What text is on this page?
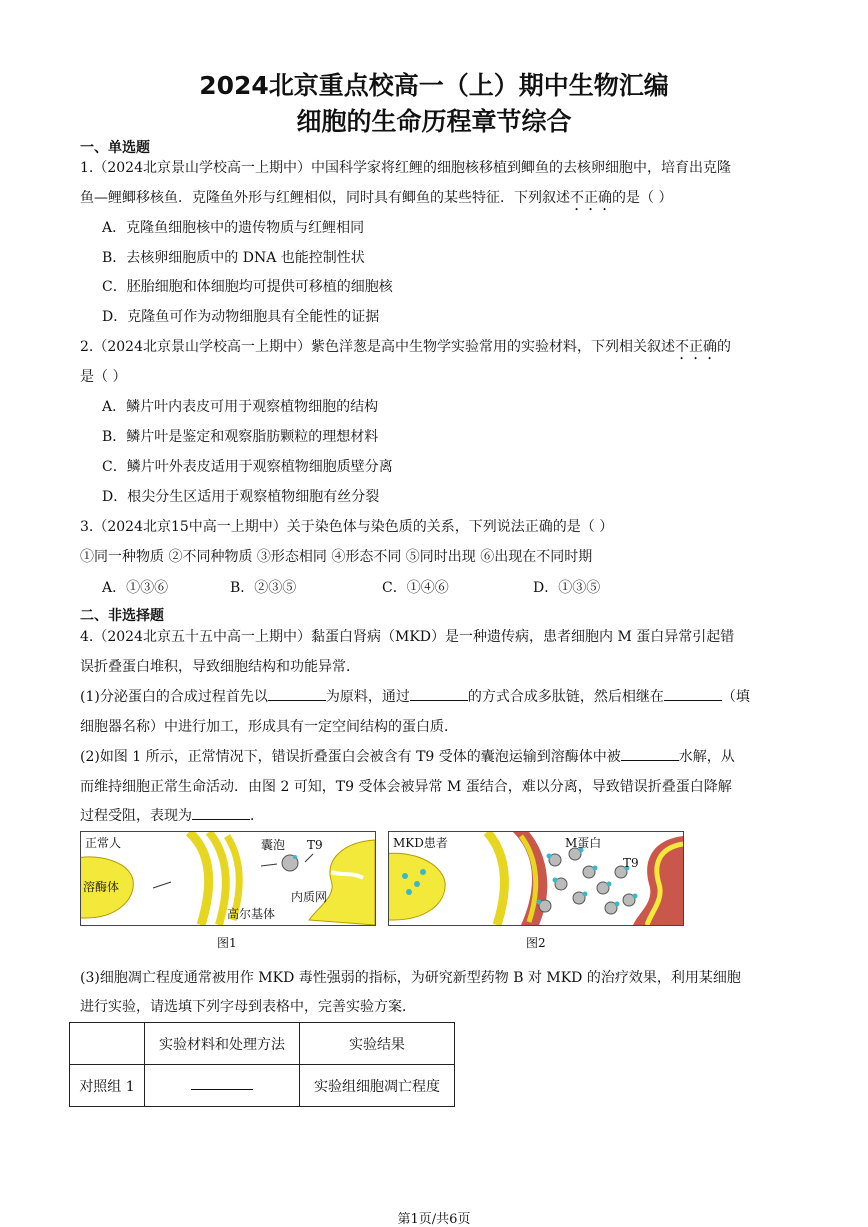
2024北京重点校高一（上）期中生物汇编
细胞的生命历程章节综合
一、单选题
1.（2024北京景山学校高一上期中）中国科学家将红鲤的细胞核移植到鲫鱼的去核卵细胞中，培育出克隆
鱼—鲤鲫移核鱼．克隆鱼外形与红鲤相似，同时具有鲫鱼的某些特征．下列叙述不正确的是（ ）
A．克隆鱼细胞核中的遗传物质与红鲤相同
B．去核卵细胞质中的 DNA 也能控制性状
C．胚胎细胞和体细胞均可提供可移植的细胞核
D．克隆鱼可作为动物细胞具有全能性的证据
2.（2024北京景山学校高一上期中）紫色洋葱是高中生物学实验常用的实验材料，下列相关叙述不正确的
是（ ）
A．鳞片叶内表皮可用于观察植物细胞的结构
B．鳞片叶是鉴定和观察脂肪颗粒的理想材料
C．鳞片叶外表皮适用于观察植物细胞质壁分离
D．根尖分生区适用于观察植物细胞有丝分裂
3.（2024北京15中高一上期中）关于染色体与染色质的关系，下列说法正确的是（ ）
①同一种物质 ②不同种物质 ③形态相同 ④形态不同 ⑤同时出现 ⑥出现在不同时期
A．①③⑥	B．②③⑤	C．①④⑥	D．①③⑤
二、非选择题
4.（2024北京五十五中高一上期中）黏蛋白肾病（MKD）是一种遗传病，患者细胞内 M 蛋白异常引起错
误折叠蛋白堆积，导致细胞结构和功能异常．
(1)分泌蛋白的合成过程首先以	为原料，通过	的方式合成多肽链，然后相继在	（填
细胞器名称）中进行加工，形成具有一定空间结构的蛋白质．
(2)如图 1 所示，正常情况下，错误折叠蛋白会被含有 T9 受体的囊泡运输到溶酶体中被	水解，从
而维持细胞正常生命活动．由图 2 可知，T9 受体会被异常 M 蛋结合，难以分离，导致错误折叠蛋白降解
过程受阻，表现为	．
正常人	囊泡 T9
溶酶体
内质网
高尔基体
图1
MKD患者	M蛋白
T9
图2
(3)细胞凋亡程度通常被用作 MKD 毒性强弱的指标，为研究新型药物 B 对 MKD 的治疗效果，利用某细胞
进行实验，请选填下列字母到表格中，完善实验方案．
	实验材料和处理方法	实验结果
对照组 1		实验组细胞凋亡程度
第1页/共6页
